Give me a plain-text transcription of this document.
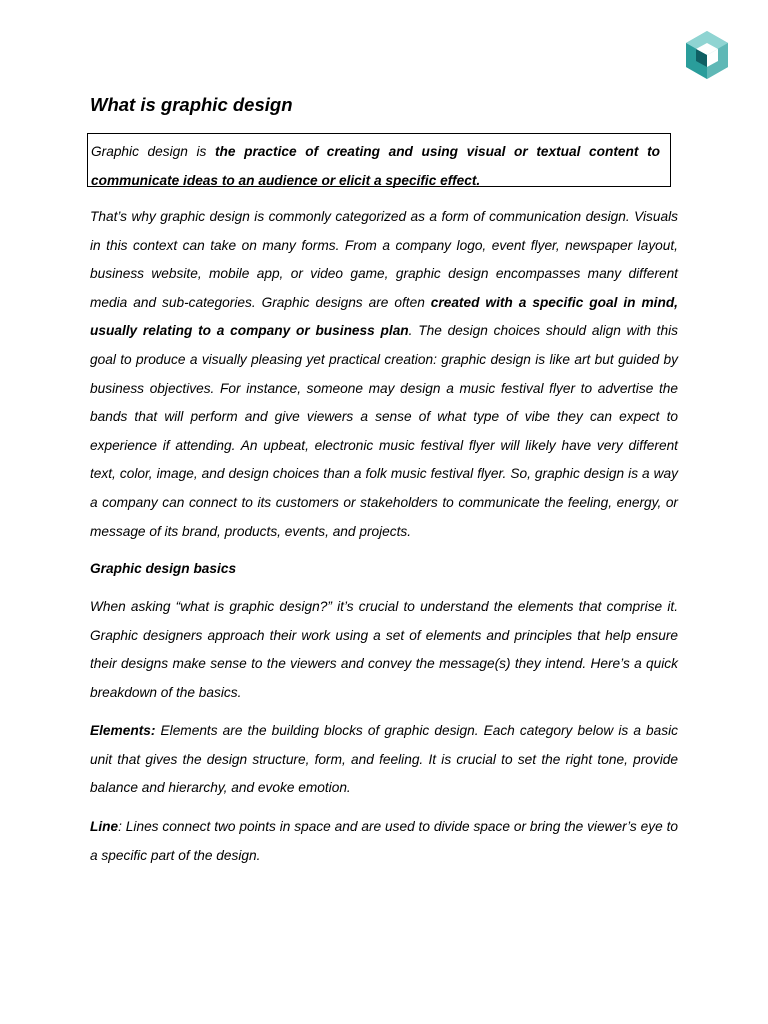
What is graphic design
Graphic design is the practice of creating and using visual or textual content to communicate ideas to an audience or elicit a specific effect.

That’s why graphic design is commonly categorized as a form of communication design. Visuals in this context can take on many forms. From a company logo, event flyer, newspaper layout, business website, mobile app, or video game, graphic design encompasses many different media and sub-categories. Graphic designs are often created with a specific goal in mind, usually relating to a company or business plan. The design choices should align with this goal to produce a visually pleasing yet practical creation: graphic design is like art but guided by business objectives. For instance, someone may design a music festival flyer to advertise the bands that will perform and give viewers a sense of what type of vibe they can expect to experience if attending. An upbeat, electronic music festival flyer will likely have very different text, color, image, and design choices than a folk music festival flyer. So, graphic design is a way a company can connect to its customers or stakeholders to communicate the feeling, energy, or message of its brand, products, events, and projects.

Graphic design basics

When asking “what is graphic design?” it’s crucial to understand the elements that comprise it. Graphic designers approach their work using a set of elements and principles that help ensure their designs make sense to the viewers and convey the message(s) they intend. Here’s a quick breakdown of the basics.

Elements: Elements are the building blocks of graphic design. Each category below is a basic unit that gives the design structure, form, and feeling. It is crucial to set the right tone, provide balance and hierarchy, and evoke emotion.

Line: Lines connect two points in space and are used to divide space or bring the viewer’s eye to a specific part of the design.
